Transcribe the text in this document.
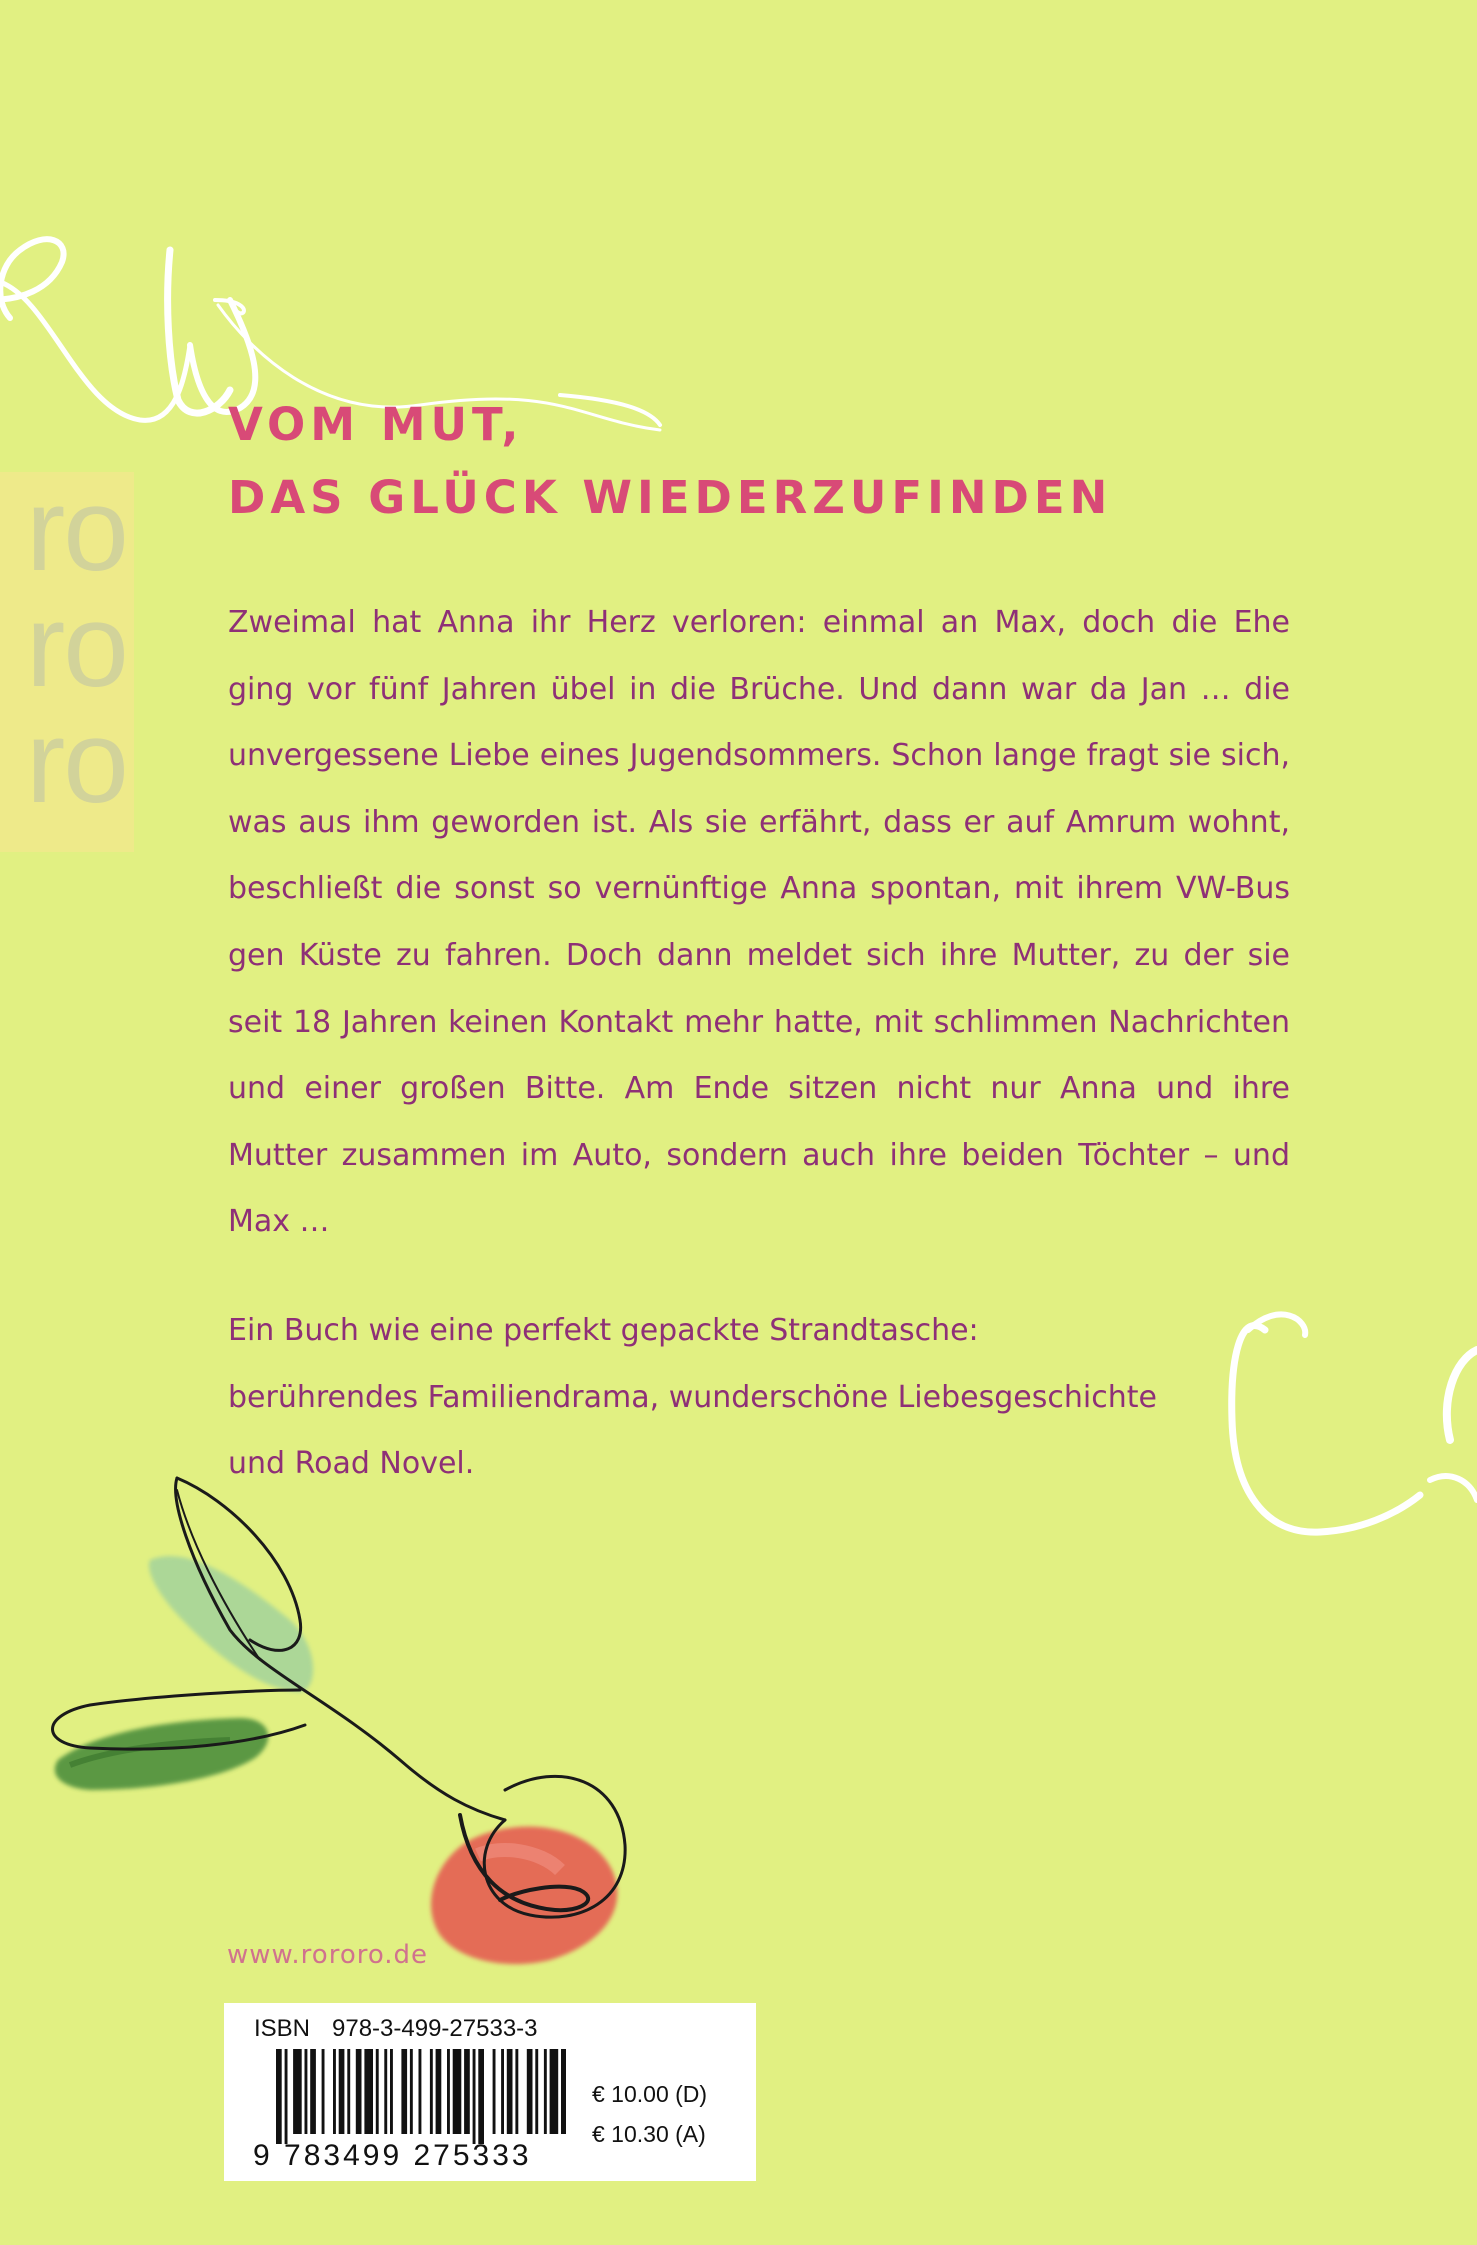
ro
ro
ro
VOM MUT,
DAS GLÜCK WIEDERZUFINDEN

Zweimal hat Anna ihr Herz verloren: einmal an Max, doch die Ehe ging vor fünf Jahren übel in die Brüche. Und dann war da Jan … die unvergessene Liebe eines Jugendsommers. Schon lange fragt sie sich, was aus ihm geworden ist. Als sie erfährt, dass er auf Amrum wohnt, beschließt die sonst so vernünftige Anna spontan, mit ihrem VW-Bus gen Küste zu fahren. Doch dann meldet sich ihre Mutter, zu der sie seit 18 Jahren keinen Kontakt mehr hatte, mit schlimmen Nachrichten und einer großen Bitte. Am Ende sitzen nicht nur Anna und ihre Mutter zusammen im Auto, sondern auch ihre beiden Töchter – und Max …

Ein Buch wie eine perfekt gepackte Strandtasche:
berührendes Familiendrama, wunderschöne Liebesgeschichte
und Road Novel.

www.rororo.de
ISBN 978-3-499-27533-3
9 783499 275333
€ 10.00 (D)
€ 10.30 (A)
